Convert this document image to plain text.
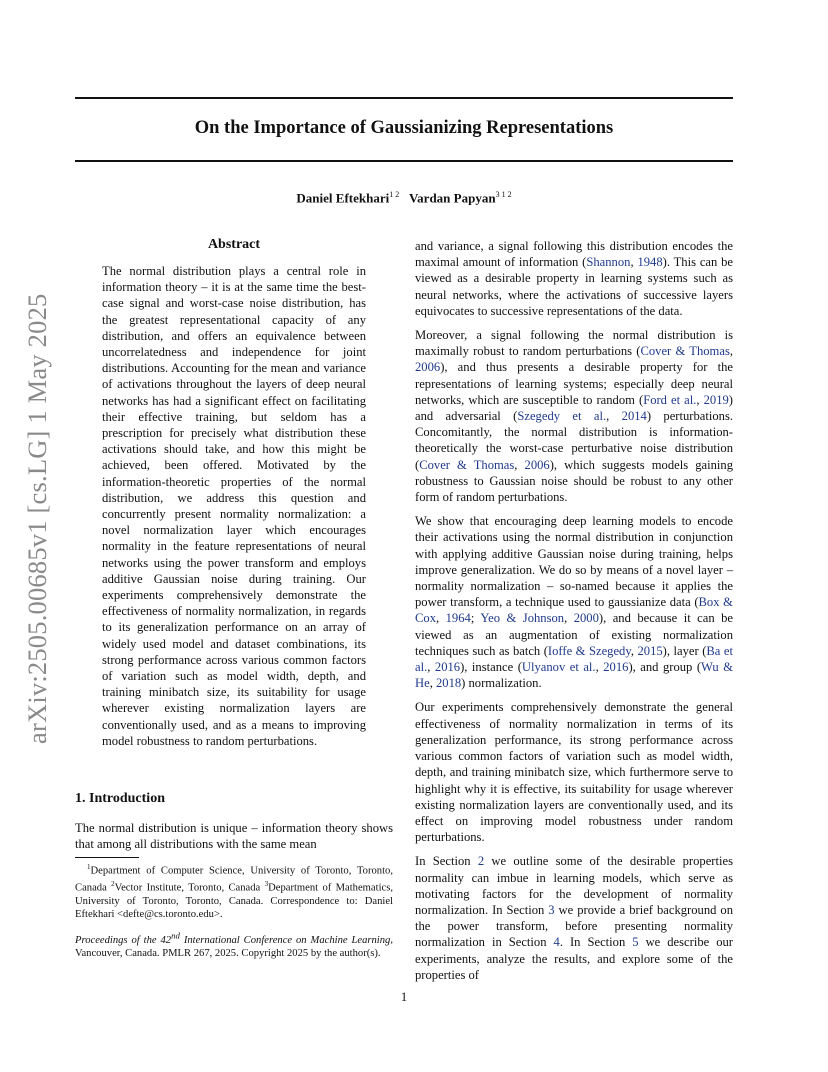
arXiv:2505.00685v1 [cs.LG] 1 May 2025
On the Importance of Gaussianizing Representations
Daniel Eftekhari$^{1 2}$ Vardan Papyan$^{3 1 2}$
Abstract

The normal distribution plays a central role in information theory – it is at the same time the best-case signal and worst-case noise distribution, has the greatest representational capacity of any distribution, and offers an equivalence between uncorrelatedness and independence for joint distributions. Accounting for the mean and variance of activations throughout the layers of deep neural networks has had a significant effect on facilitating their effective training, but seldom has a prescription for precisely what distribution these activations should take, and how this might be achieved, been offered. Motivated by the information-theoretic properties of the normal distribution, we address this question and concurrently present normality normalization: a novel normalization layer which encourages normality in the feature representations of neural networks using the power transform and employs additive Gaussian noise during training. Our experiments comprehensively demonstrate the effectiveness of normality normalization, in regards to its generalization performance on an array of widely used model and dataset combinations, its strong performance across various common factors of variation such as model width, depth, and training minibatch size, its suitability for usage wherever existing normalization layers are conventionally used, and as a means to improving model robustness to random perturbations.

1. Introduction

The normal distribution is unique – information theory shows that among all distributions with the same mean

$^1$Department of Computer Science, University of Toronto, Toronto, Canada $^2$Vector Institute, Toronto, Canada $^3$Department of Mathematics, University of Toronto, Toronto, Canada. Correspondence to: Daniel Eftekhari <defte@cs.toronto.edu>.

Proceedings of the 42nd International Conference on Machine Learning, Vancouver, Canada. PMLR 267, 2025. Copyright 2025 by the author(s).

and variance, a signal following this distribution encodes the maximal amount of information (Shannon, 1948). This can be viewed as a desirable property in learning systems such as neural networks, where the activations of successive layers equivocates to successive representations of the data.

Moreover, a signal following the normal distribution is maximally robust to random perturbations (Cover & Thomas, 2006), and thus presents a desirable property for the representations of learning systems; especially deep neural networks, which are susceptible to random (Ford et al., 2019) and adversarial (Szegedy et al., 2014) perturbations. Concomitantly, the normal distribution is information-theoretically the worst-case perturbative noise distribution (Cover & Thomas, 2006), which suggests models gaining robustness to Gaussian noise should be robust to any other form of random perturbations.

We show that encouraging deep learning models to encode their activations using the normal distribution in conjunction with applying additive Gaussian noise during training, helps improve generalization. We do so by means of a novel layer – normality normalization – so-named because it applies the power transform, a technique used to gaussianize data (Box & Cox, 1964; Yeo & Johnson, 2000), and because it can be viewed as an augmentation of existing normalization techniques such as batch (Ioffe & Szegedy, 2015), layer (Ba et al., 2016), instance (Ulyanov et al., 2016), and group (Wu & He, 2018) normalization.

Our experiments comprehensively demonstrate the general effectiveness of normality normalization in terms of its generalization performance, its strong performance across various common factors of variation such as model width, depth, and training minibatch size, which furthermore serve to highlight why it is effective, its suitability for usage wherever existing normalization layers are conventionally used, and its effect on improving model robustness under random perturbations.

In Section 2 we outline some of the desirable properties normality can imbue in learning models, which serve as motivating factors for the development of normality normalization. In Section 3 we provide a brief background on the power transform, before presenting normality normalization in Section 4. In Section 5 we describe our experiments, analyze the results, and explore some of the properties of

1
